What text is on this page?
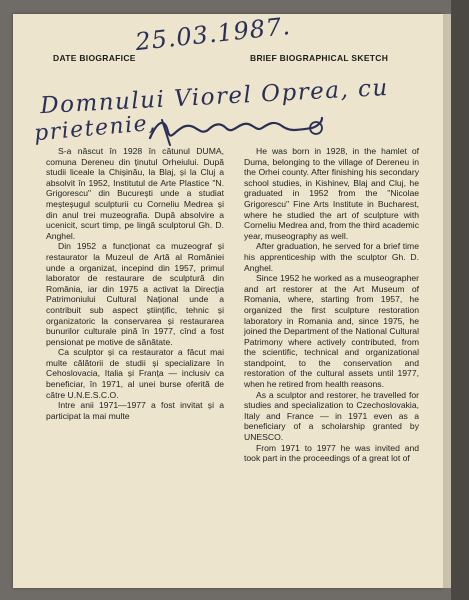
DATE BIOGRAFICE	BRIEF BIOGRAPHICAL SKETCH
25.03.1987.
Domnului Viorel Oprea, cu
prietenie,

S-a născut în 1928 în cătunul DUMA, comuna Dereneu din ținutul Orheiului. După studii liceale la Chișinău, la Blaj, și la Cluj a absolvit în 1952, Institutul de Arte Plastice "N. Grigorescu" din București unde a studiat meșteșugul sculpturii cu Corneliu Medrea și din anul trei muzeografia. După absolvire a ucenicit, scurt timp, pe lingă sculptorul Gh. D. Anghel.

Din 1952 a funcționat ca muzeograf și restaurator la Muzeul de Artă al Romăniei unde a organizat, incepind din 1957, primul laborator de restaurare de sculptură din România, iar din 1975 a activat la Direcția Patrimoniului Cultural Național unde a contribuit sub aspect științific, tehnic și organizatoric la conservarea și restaurarea bunurilor culturale pină în 1977, cînd a fost pensionat pe motive de sănătate.

Ca sculptor și ca restaurator a făcut mai multe călătorii de studii și specializare în Cehoslovacia, Italia și Franța — inclusiv ca beneficiar, în 1971, al unei burse oferită de către U.N.E.S.C.O.

Intre anii 1971—1977 a fost invitat și a participat la mai multe

He was born in 1928, in the hamlet of Duma, belonging to the village of Dereneu in the Orhei county. After finishing his secondary school studies, in Kishinev, Blaj and Cluj, he graduated in 1952 from the "Nicolae Grigorescu" Fine Arts Institute in Bucharest, where he studied the art of sculpture with Corneliu Medrea and, from the third academic year, museography as well.

After graduation, he served for a brief time his apprenticeship with the sculptor Gh. D. Anghel.

Since 1952 he worked as a museographer and art restorer at the Art Museum of Romania, where, starting from 1957, he organized the first sculpture restoration laboratory in Romania and, since 1975, he joined the Department of the National Cultural Patrimony where actively contributed, from the scientific, technical and organizational standpoint, to the conservation and restoration of the cultural assets until 1977, when he retired from health reasons.

As a sculptor and restorer, he travelled for studies and specialization to Czechoslovakia, Italy and France — in 1971 even as a beneficiary of a scholarship granted by UNESCO.

From 1971 to 1977 he was invited and took part in the proceedings of a great lot of
